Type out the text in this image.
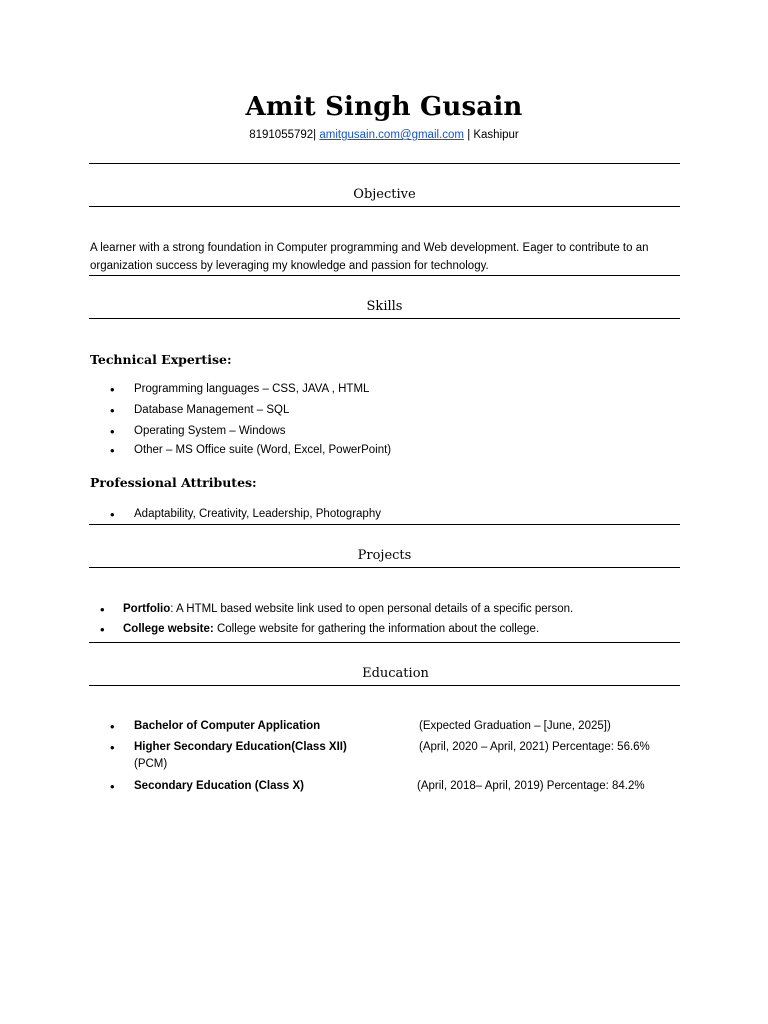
Amit Singh Gusain
8191055792| amitgusain.com@gmail.com | Kashipur
Objective
A learner with a strong foundation in Computer programming and Web development. Eager to contribute to an
organization success by leveraging my knowledge and passion for technology.
Skills
Technical Expertise:
• Programming languages – CSS, JAVA , HTML
• Database Management – SQL
• Operating System – Windows
• Other – MS Office suite (Word, Excel, PowerPoint)
Professional Attributes:
• Adaptability, Creativity, Leadership, Photography
Projects
• Portfolio: A HTML based website link used to open personal details of a specific person.
• College website: College website for gathering the information about the college.
Education
• Bachelor of Computer Application	(Expected Graduation – [June, 2025])
• Higher Secondary Education(Class XII)	(April, 2020 – April, 2021) Percentage: 56.6%
(PCM)
• Secondary Education (Class X)	(April, 2018– April, 2019) Percentage: 84.2%
